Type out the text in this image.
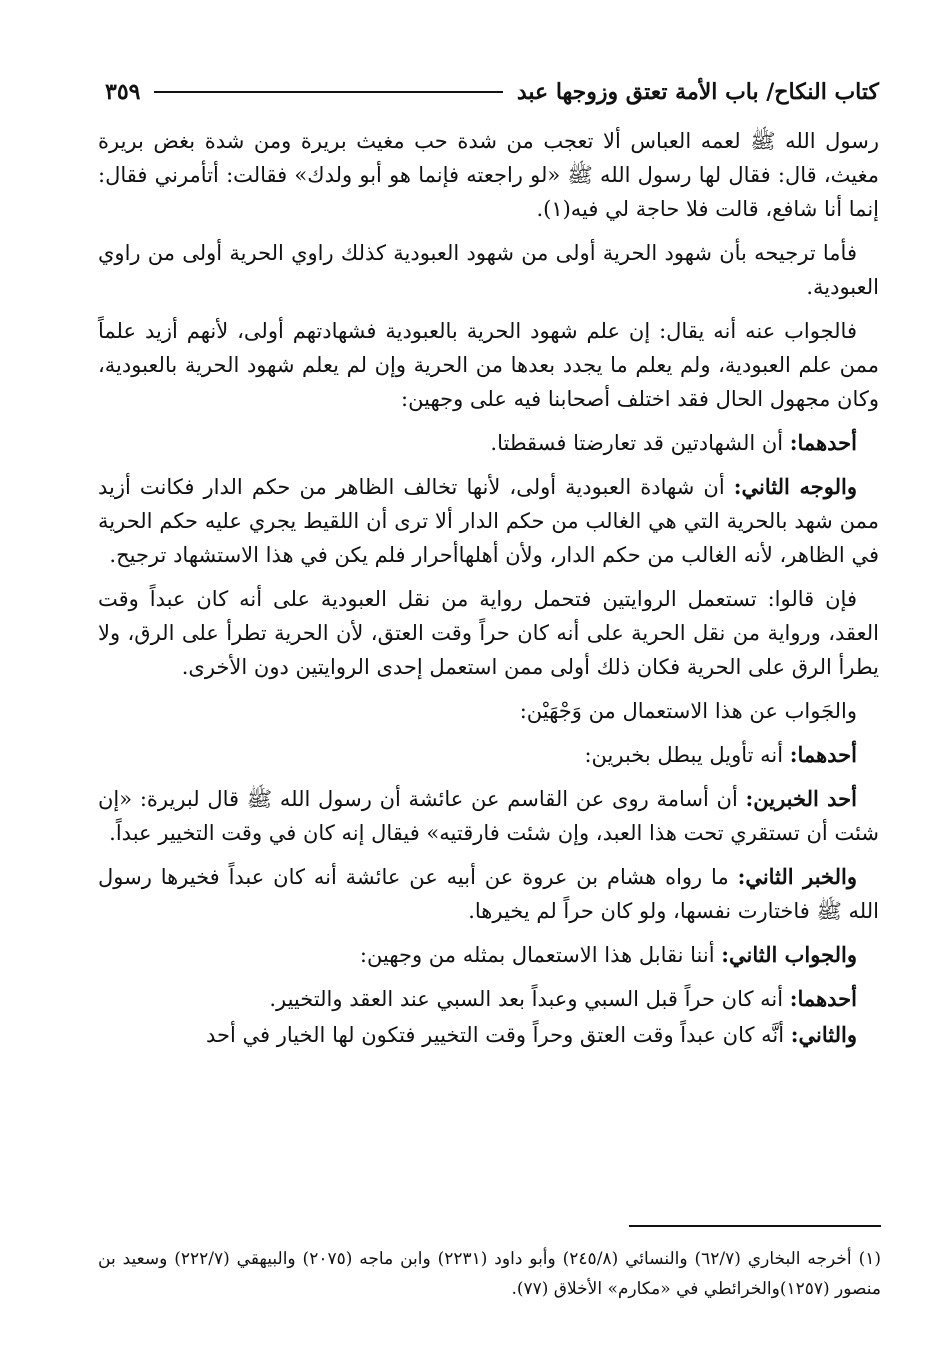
كتاب النكاح/ باب الأمة تعتق وزوجها عبد
٣٥٩

رسول الله ﷺ لعمه العباس ألا تعجب من شدة حب مغيث بريرة ومن شدة بغض بريرة مغيث، قال: فقال لها رسول الله ﷺ «لو راجعته فإنما هو أبو ولدك» فقالت: أتأمرني فقال: إنما أنا شافع، قالت فلا حاجة لي فيه(١).

فأما ترجيحه بأن شهود الحرية أولى من شهود العبودية كذلك راوي الحرية أولى من راوي العبودية.

فالجواب عنه أنه يقال: إن علم شهود الحرية بالعبودية فشهادتهم أولى، لأنهم أزيد علماً ممن علم العبودية، ولم يعلم ما يجدد بعدها من الحرية وإن لم يعلم شهود الحرية بالعبودية، وكان مجهول الحال فقد اختلف أصحابنا فيه على وجهين:

أحدهما: أن الشهادتين قد تعارضتا فسقطتا.

والوجه الثاني: أن شهادة العبودية أولى، لأنها تخالف الظاهر من حكم الدار فكانت أزيد ممن شهد بالحرية التي هي الغالب من حكم الدار ألا ترى أن اللقيط يجري عليه حكم الحرية في الظاهر، لأنه الغالب من حكم الدار، ولأن أهلهاأحرار فلم يكن في هذا الاستشهاد ترجيح.

فإن قالوا: تستعمل الروايتين فتحمل رواية من نقل العبودية على أنه كان عبداً وقت العقد، ورواية من نقل الحرية على أنه كان حراً وقت العتق، لأن الحرية تطرأ على الرق، ولا يطرأ الرق على الحرية فكان ذلك أولى ممن استعمل إحدى الروايتين دون الأخرى.

والجَواب عن هذا الاستعمال من وَجْهَيْن:

أحدهما: أنه تأويل يبطل بخبرين:

أحد الخبرين: أن أسامة روى عن القاسم عن عائشة أن رسول الله ﷺ قال لبريرة: «إن شئت أن تستقري تحت هذا العبد، وإن شئت فارقتيه» فيقال إنه كان في وقت التخيير عبداً.

والخبر الثاني: ما رواه هشام بن عروة عن أبيه عن عائشة أنه كان عبداً فخيرها رسول الله ﷺ فاختارت نفسها، ولو كان حراً لم يخيرها.

والجواب الثاني: أننا نقابل هذا الاستعمال بمثله من وجهين:

أحدهما: أنه كان حراً قبل السبي وعبداً بعد السبي عند العقد والتخيير.

والثاني: أنَّه كان عبداً وقت العتق وحراً وقت التخيير فتكون لها الخيار في أحد

(١) أخرجه البخاري (٦٢/٧) والنسائي (٢٤٥/٨) وأبو داود (٢٢٣١) وابن ماجه (٢٠٧٥) والبيهقي (٢٢٢/٧) وسعيد بن منصور (١٢٥٧)والخرائطي في «مكارم» الأخلاق (٧٧).
